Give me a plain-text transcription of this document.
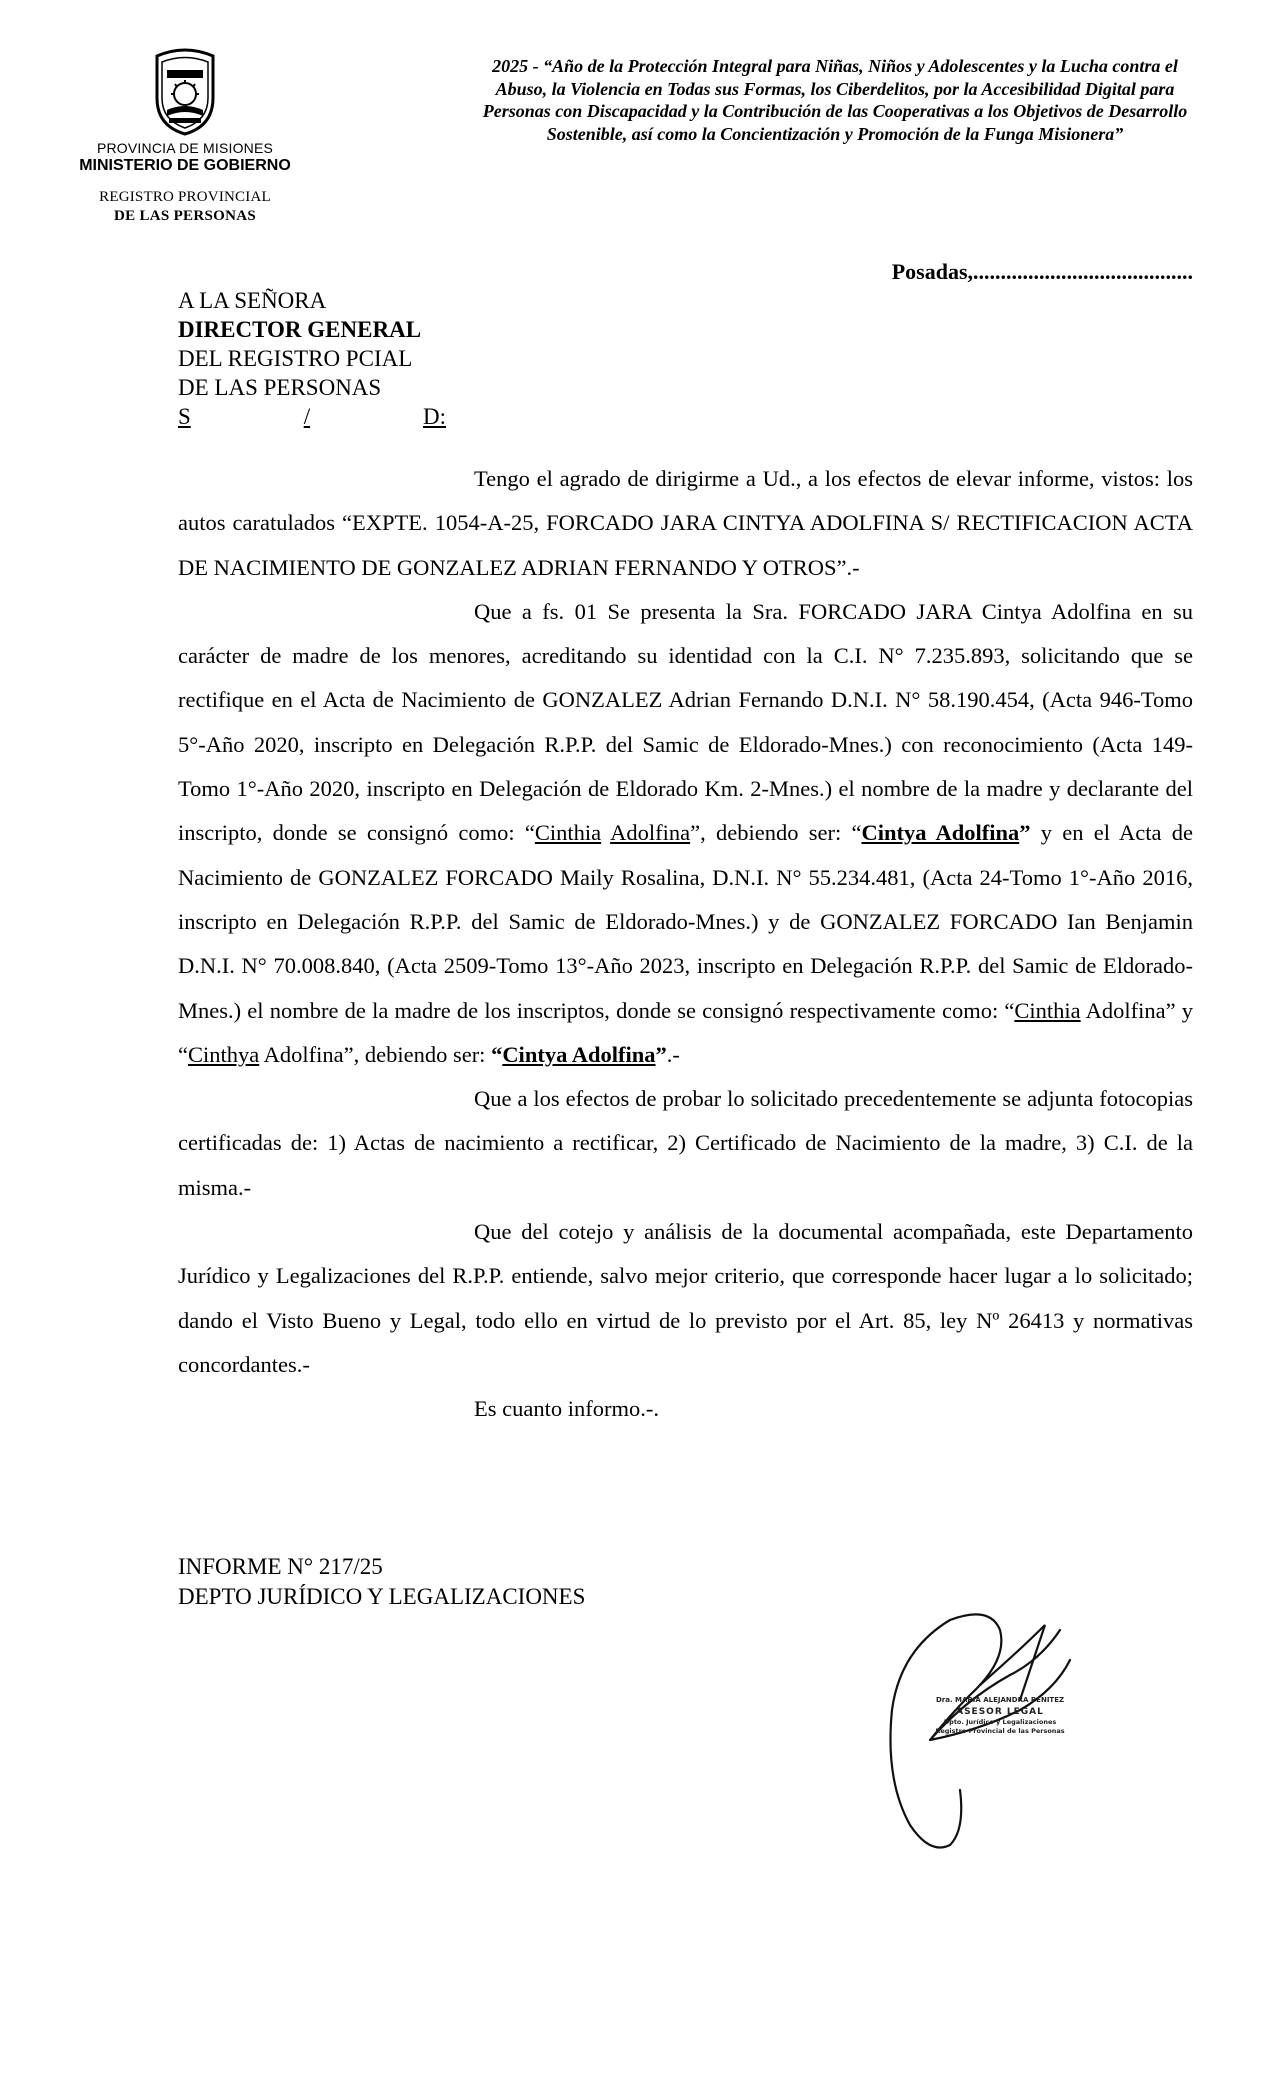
PROVINCIA DE MISIONES
MINISTERIO DE GOBIERNO
REGISTRO PROVINCIAL
DE LAS PERSONAS
2025 - “Año de la Protección Integral para Niñas, Niños y Adolescentes y la Lucha contra el Abuso, la Violencia en Todas sus Formas, los Ciberdelitos, por la Accesibilidad Digital para Personas con Discapacidad y la Contribución de las Cooperativas a los Objetivos de Desarrollo Sostenible, así como la Concientización y Promoción de la Funga Misionera”
Posadas,........................................
A LA SEÑORA
DIRECTOR GENERAL
DEL REGISTRO PCIAL
DE LAS PERSONAS
S	/	D:

Tengo el agrado de dirigirme a Ud., a los efectos de elevar informe, vistos: los autos caratulados “EXPTE. 1054-A-25, FORCADO JARA CINTYA ADOLFINA S/ RECTIFICACION ACTA DE NACIMIENTO DE GONZALEZ ADRIAN FERNANDO Y OTROS”.-

Que a fs. 01 Se presenta la Sra. FORCADO JARA Cintya Adolfina en su carácter de madre de los menores, acreditando su identidad con la C.I. N° 7.235.893, solicitando que se rectifique en el Acta de Nacimiento de GONZALEZ Adrian Fernando D.N.I. N° 58.190.454, (Acta 946-Tomo 5°-Año 2020, inscripto en Delegación R.P.P. del Samic de Eldorado-Mnes.) con reconocimiento (Acta 149-Tomo 1°-Año 2020, inscripto en Delegación de Eldorado Km. 2-Mnes.) el nombre de la madre y declarante del inscripto, donde se consignó como: “Cinthia Adolfina”, debiendo ser: “Cintya Adolfina” y en el Acta de Nacimiento de GONZALEZ FORCADO Maily Rosalina, D.N.I. N° 55.234.481, (Acta 24-Tomo 1°-Año 2016, inscripto en Delegación R.P.P. del Samic de Eldorado-Mnes.) y de GONZALEZ FORCADO Ian Benjamin D.N.I. N° 70.008.840, (Acta 2509-Tomo 13°-Año 2023, inscripto en Delegación R.P.P. del Samic de Eldorado-Mnes.) el nombre de la madre de los inscriptos, donde se consignó respectivamente como: “Cinthia Adolfina” y “Cinthya Adolfina”, debiendo ser: “Cintya Adolfina”.-

Que a los efectos de probar lo solicitado precedentemente se adjunta fotocopias certificadas de: 1) Actas de nacimiento a rectificar, 2) Certificado de Nacimiento de la madre, 3) C.I. de la misma.-

Que del cotejo y análisis de la documental acompañada, este Departamento Jurídico y Legalizaciones del R.P.P. entiende, salvo mejor criterio, que corresponde hacer lugar a lo solicitado; dando el Visto Bueno y Legal, todo ello en virtud de lo previsto por el Art. 85, ley Nº 26413 y normativas concordantes.-

Es cuanto informo.-.

INFORME N° 217/25
DEPTO JURÍDICO Y LEGALIZACIONES
Dra. MARIA ALEJANDRA BENITEZ
ASESOR LEGAL
Dpto. Jurídico y Legalizaciones
Registro Provincial de las Personas
